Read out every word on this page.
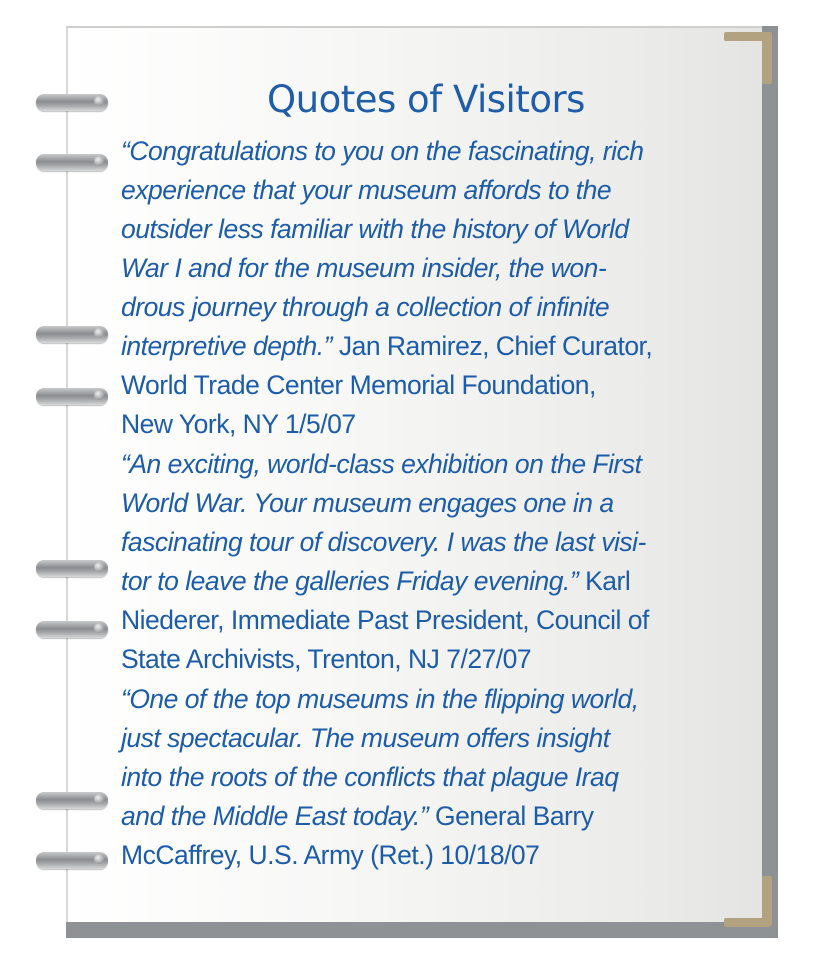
Quotes of Visitors
“Congratulations to you on the fascinating, rich
experience that your museum affords to the
outsider less familiar with the history of World
War I and for the museum insider, the won-
drous journey through a collection of infinite
interpretive depth.” Jan Ramirez, Chief Curator,
World Trade Center Memorial Foundation,
New York, NY 1/5/07
“An exciting, world-class exhibition on the First
World War. Your museum engages one in a
fascinating tour of discovery. I was the last visi-
tor to leave the galleries Friday evening.” Karl
Niederer, Immediate Past President, Council of
State Archivists, Trenton, NJ 7/27/07
“One of the top museums in the flipping world,
just spectacular. The museum offers insight
into the roots of the conflicts that plague Iraq
and the Middle East today.” General Barry
McCaffrey, U.S. Army (Ret.) 10/18/07
